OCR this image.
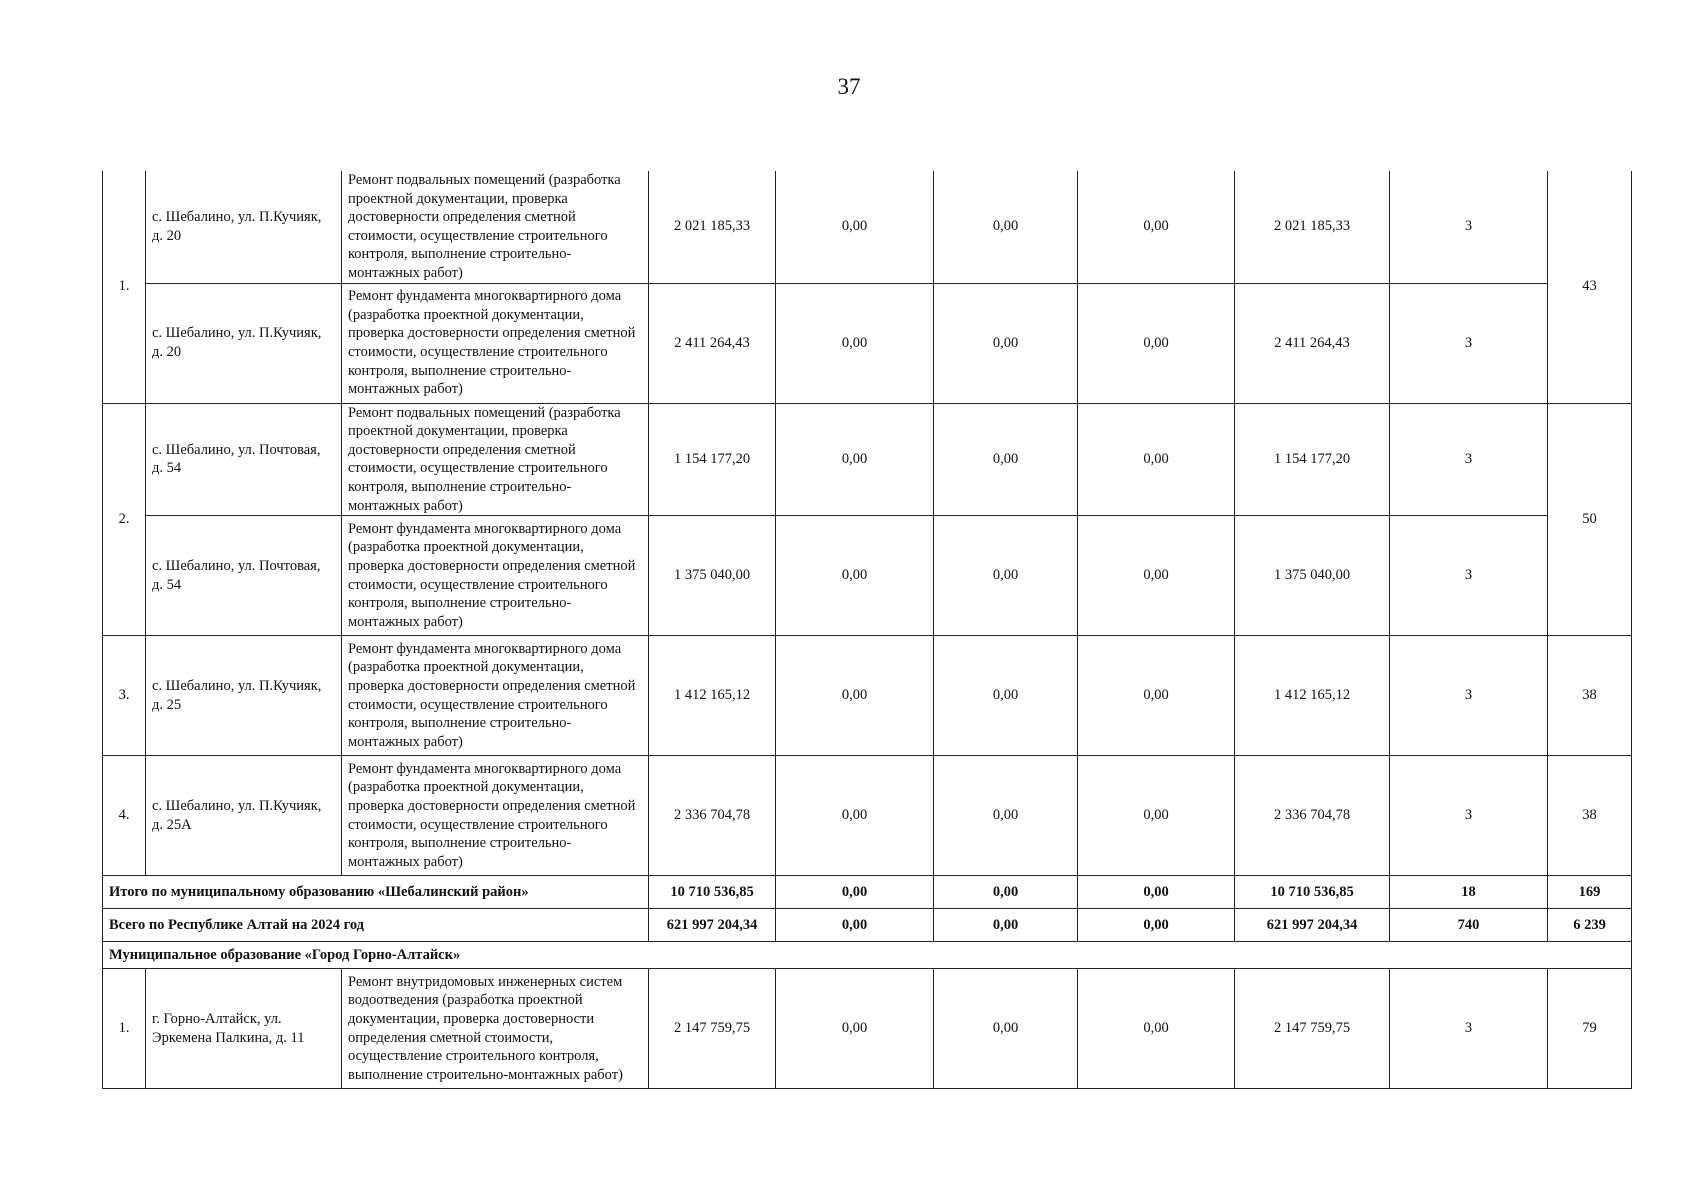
37
1.	с. Шебалино, ул. П.Кучияк, д. 20	Ремонт подвальных помещений (разработка проектной документации, проверка достоверности определения сметной стоимости, осуществление строительного контроля, выполнение строительно-монтажных работ)	2 021 185,33	0,00	0,00	0,00	2 021 185,33	3	43
	с. Шебалино, ул. П.Кучияк, д. 20	Ремонт фундамента многоквартирного дома (разработка проектной документации, проверка достоверности определения сметной стоимости, осуществление строительного контроля, выполнение строительно-монтажных работ)	2 411 264,43	0,00	0,00	0,00	2 411 264,43	3	
2.	с. Шебалино, ул. Почтовая, д. 54	Ремонт подвальных помещений (разработка проектной документации, проверка достоверности определения сметной стоимости, осуществление строительного контроля, выполнение строительно-монтажных работ)	1 154 177,20	0,00	0,00	0,00	1 154 177,20	3	50
	с. Шебалино, ул. Почтовая, д. 54	Ремонт фундамента многоквартирного дома (разработка проектной документации, проверка достоверности определения сметной стоимости, осуществление строительного контроля, выполнение строительно-монтажных работ)	1 375 040,00	0,00	0,00	0,00	1 375 040,00	3	
3.	с. Шебалино, ул. П.Кучияк, д. 25	Ремонт фундамента многоквартирного дома (разработка проектной документации, проверка достоверности определения сметной стоимости, осуществление строительного контроля, выполнение строительно-монтажных работ)	1 412 165,12	0,00	0,00	0,00	1 412 165,12	3	38
4.	с. Шебалино, ул. П.Кучияк, д. 25А	Ремонт фундамента многоквартирного дома (разработка проектной документации, проверка достоверности определения сметной стоимости, осуществление строительного контроля, выполнение строительно-монтажных работ)	2 336 704,78	0,00	0,00	0,00	2 336 704,78	3	38
Итого по муниципальному образованию «Шебалинский район»			10 710 536,85	0,00	0,00	0,00	10 710 536,85	18	169
Всего по Республике Алтай на 2024 год			621 997 204,34	0,00	0,00	0,00	621 997 204,34	740	6 239
Муниципальное образование «Город Горно-Алтайск»									
1.	г. Горно-Алтайск, ул. Эркемена Палкина, д. 11	Ремонт внутридомовых инженерных систем водоотведения (разработка проектной документации, проверка достоверности определения сметной стоимости, осуществление строительного контроля, выполнение строительно-монтажных работ)	2 147 759,75	0,00	0,00	0,00	2 147 759,75	3	79
